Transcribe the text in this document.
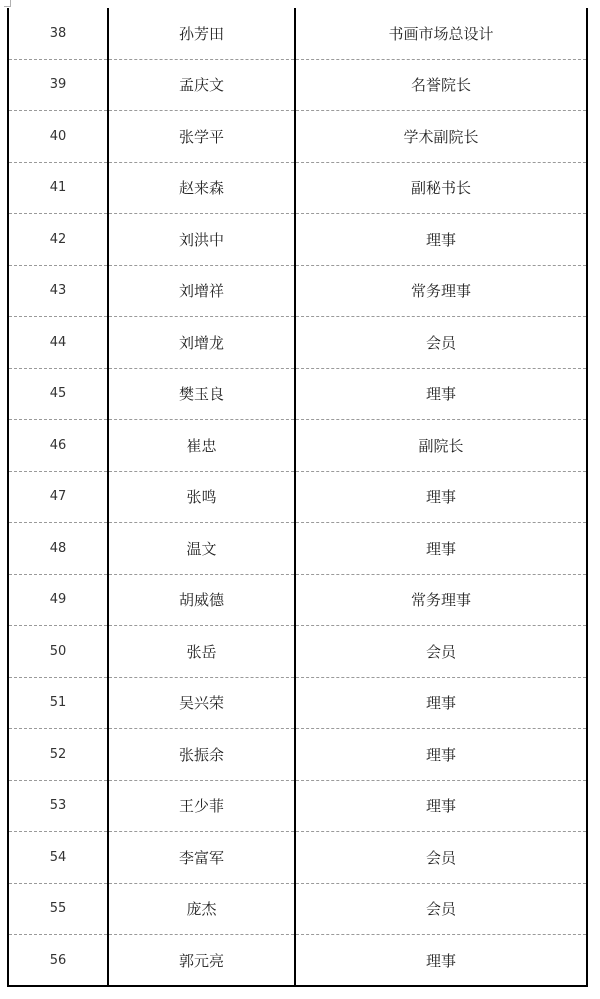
38	孙芳田	书画市场总设计
39	孟庆文	名誉院长
40	张学平	学术副院长
41	赵来森	副秘书长
42	刘洪中	理事
43	刘增祥	常务理事
44	刘增龙	会员
45	樊玉良	理事
46	崔忠	副院长
47	张鸣	理事
48	温文	理事
49	胡威德	常务理事
50	张岳	会员
51	吴兴荣	理事
52	张振余	理事
53	王少菲	理事
54	李富军	会员
55	庞杰	会员
56	郭元亮	理事
